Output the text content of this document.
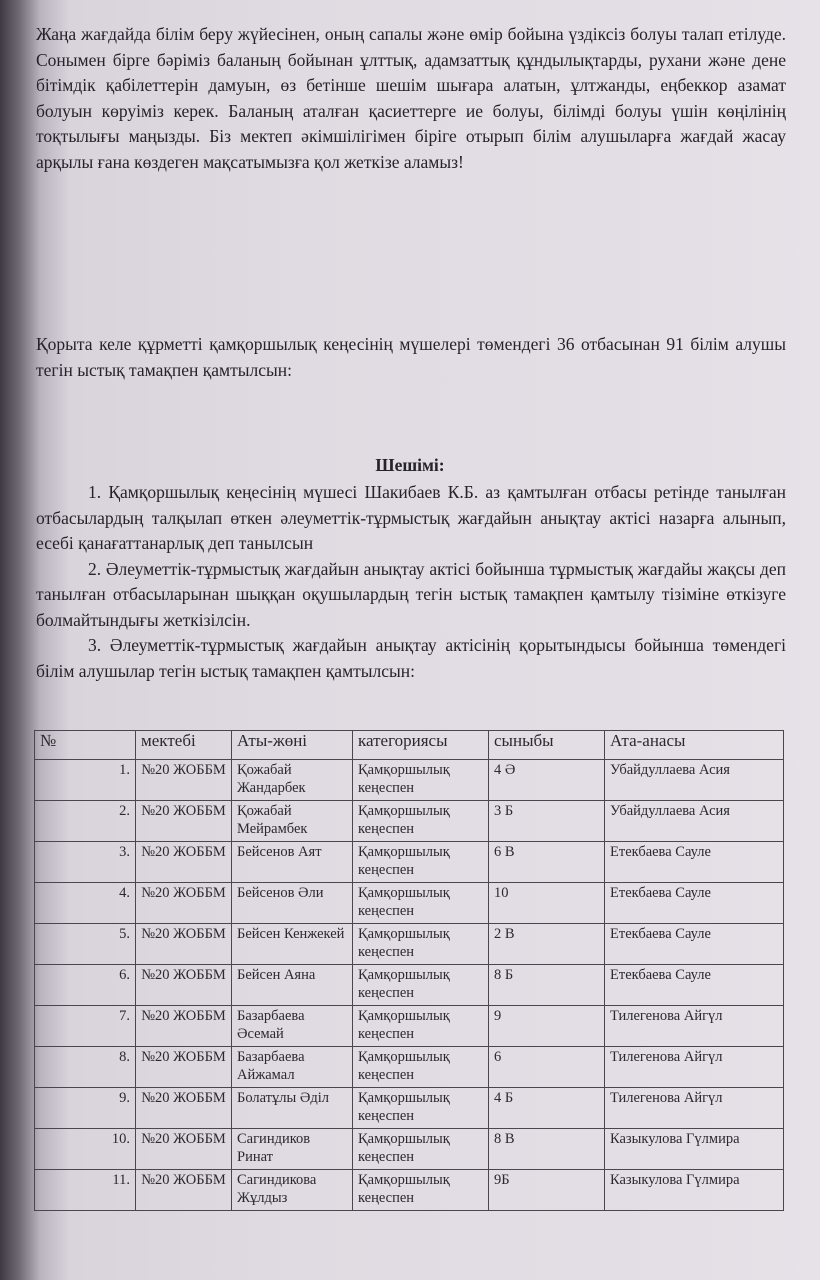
Жаңа жағдайда білім беру жүйесінен, оның сапалы және өмір бойына үздіксіз болуы талап етілуде. Сонымен бірге бәріміз баланың бойынан ұлттық, адамзаттық құндылықтарды, рухани және дене бітімдік қабілеттерін дамуын, өз бетінше шешім шығара алатын, ұлтжанды, еңбеккор азамат болуын көруіміз керек. Баланың аталған қасиеттерге ие болуы, білімді болуы үшін көңілінің тоқтылығы маңызды. Біз мектеп әкімшілігімен біріге отырып білім алушыларға жағдай жасау арқылы ғана көздеген мақсатымызға қол жеткізе аламыз!
Қорыта келе құрметті қамқоршылық кеңесінің мүшелері төмендегі 36 отбасынан 91 білім алушы тегін ыстық тамақпен қамтылсын:
Шешімі:

1. Қамқоршылық кеңесінің мүшесі Шакибаев К.Б. аз қамтылған отбасы ретінде танылған отбасылардың талқылап өткен әлеуметтік-тұрмыстық жағдайын анықтау актісі назарға алынып, есебі қанағаттанарлық деп танылсын

2. Әлеуметтік-тұрмыстық жағдайын анықтау актісі бойынша тұрмыстық жағдайы жақсы деп танылған отбасыларынан шыққан оқушылардың тегін ыстық тамақпен қамтылу тізіміне өткізуге болмайтындығы жеткізілсін.

3. Әлеуметтік-тұрмыстық жағдайын анықтау актісінің қорытындысы бойынша төмендегі білім алушылар тегін ыстық тамақпен қамтылсын:

№	мектебі	Аты-жөні	категориясы	сыныбы	Ата-анасы
1.	№20 ЖОББМ	Қожабай Жандарбек	Қамқоршылық кеңеспен	4 Ә	Убайдуллаева Асия
2.	№20 ЖОББМ	Қожабай Мейрамбек	Қамқоршылық кеңеспен	3 Б	Убайдуллаева Асия
3.	№20 ЖОББМ	Бейсенов Аят	Қамқоршылық кеңеспен	6 В	Етекбаева Сауле
4.	№20 ЖОББМ	Бейсенов Әли	Қамқоршылық кеңеспен	10	Етекбаева Сауле
5.	№20 ЖОББМ	Бейсен Кенжекей	Қамқоршылық кеңеспен	2 В	Етекбаева Сауле
6.	№20 ЖОББМ	Бейсен Аяна	Қамқоршылық кеңеспен	8 Б	Етекбаева Сауле
7.	№20 ЖОББМ	Базарбаева Әсемай	Қамқоршылық кеңеспен	9	Тилегенова Айгүл
8.	№20 ЖОББМ	Базарбаева Айжамал	Қамқоршылық кеңеспен	6	Тилегенова Айгүл
9.	№20 ЖОББМ	Болатұлы Әділ	Қамқоршылық кеңеспен	4 Б	Тилегенова Айгүл
10.	№20 ЖОББМ	Сагиндиков Ринат	Қамқоршылық кеңеспен	8 В	Казыкулова Гүлмира
11.	№20 ЖОББМ	Сагиндикова Жұлдыз	Қамқоршылық кеңеспен	9Б	Казыкулова Гүлмира
